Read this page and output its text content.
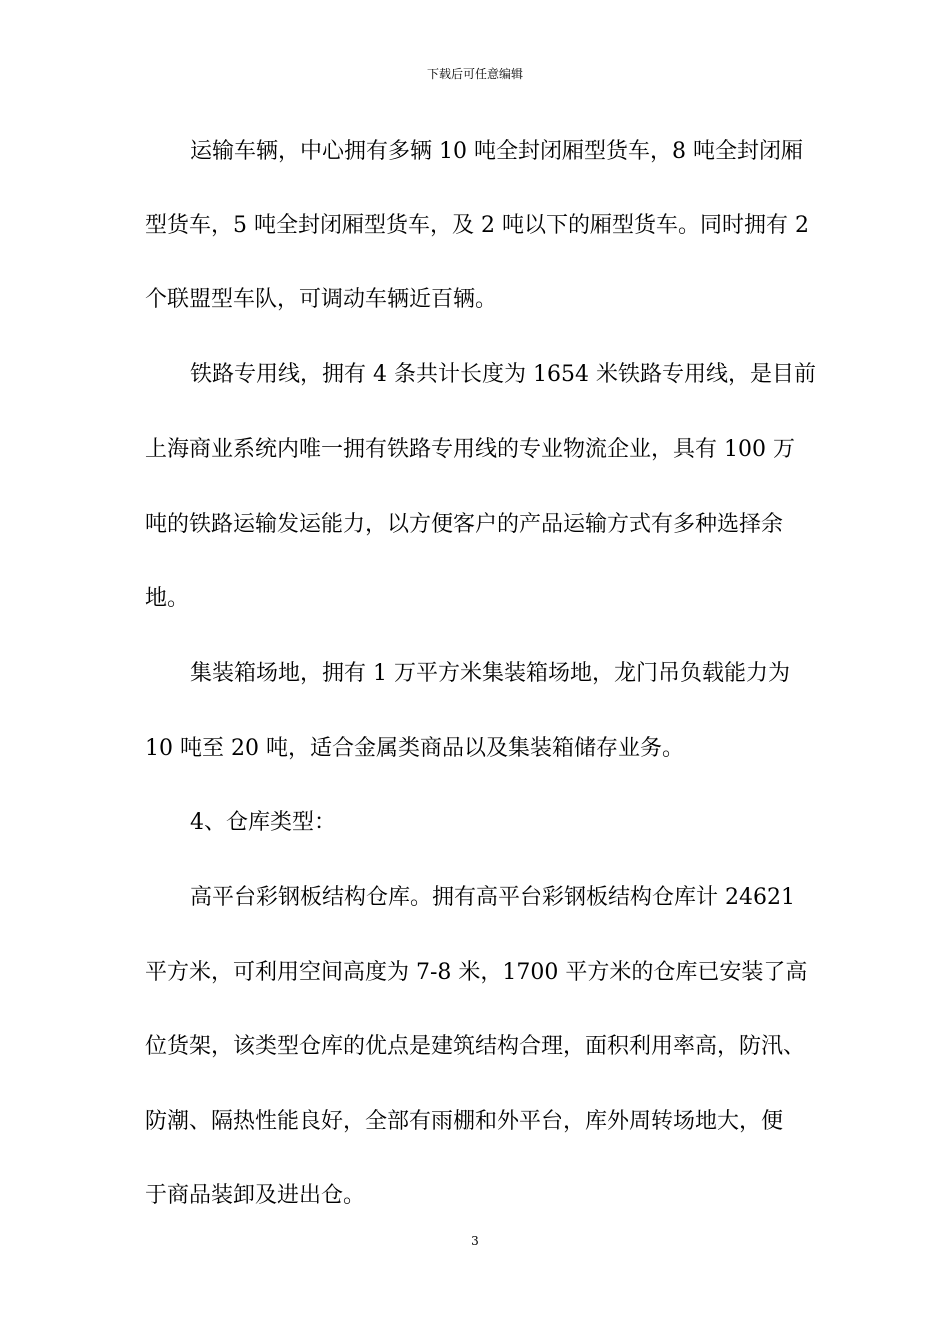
下载后可任意编辑
运输车辆，中心拥有多辆 10 吨全封闭厢型货车，8 吨全封闭厢
型货车，5 吨全封闭厢型货车，及 2 吨以下的厢型货车。同时拥有 2
个联盟型车队，可调动车辆近百辆。
铁路专用线，拥有 4 条共计长度为 1654 米铁路专用线，是目前
上海商业系统内唯一拥有铁路专用线的专业物流企业，具有 100 万
吨的铁路运输发运能力，以方便客户的产品运输方式有多种选择余
地。
集装箱场地，拥有 1 万平方米集装箱场地，龙门吊负载能力为
10 吨至 20 吨，适合金属类商品以及集装箱储存业务。
4、仓库类型：
高平台彩钢板结构仓库。拥有高平台彩钢板结构仓库计 24621
平方米，可利用空间高度为 7-8 米，1700 平方米的仓库已安装了高
位货架，该类型仓库的优点是建筑结构合理，面积利用率高，防汛、
防潮、隔热性能良好，全部有雨棚和外平台，库外周转场地大，便
于商品装卸及进出仓。
3
